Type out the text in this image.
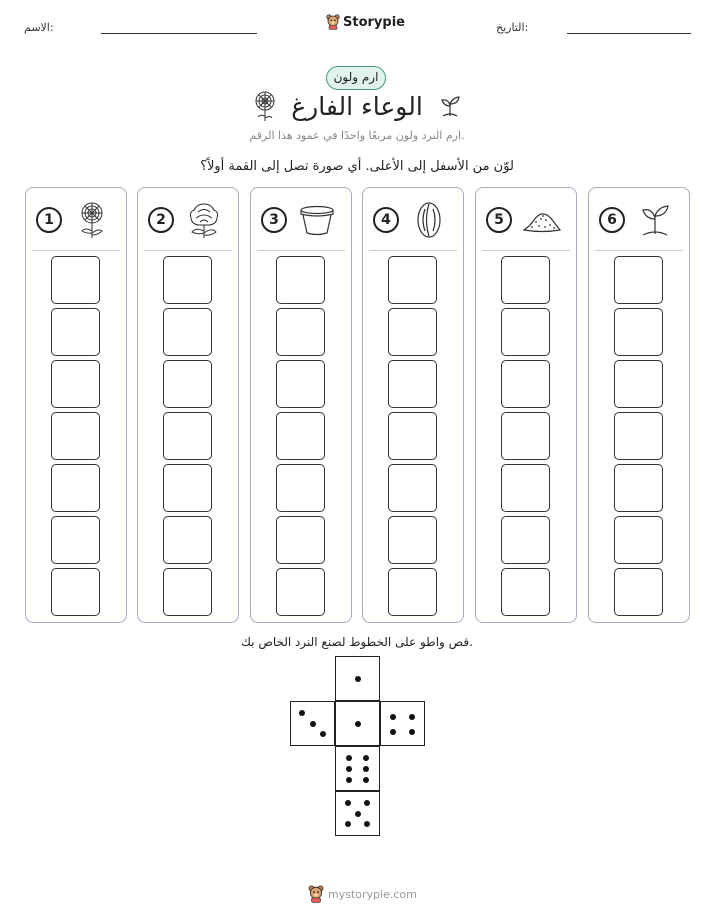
الاسم:	Storypie	التاريخ:
ارم ولون
الوعاء الفارغ
ارم النرد ولون مربعًا واحدًا في عمود هذا الرقم.
لوّن من الأسفل إلى الأعلى. أي صورة تصل إلى القمة أولاً؟
1	2	3	4	5	6
قص واطو على الخطوط لصنع النرد الخاص بك.
mystorypie.com
